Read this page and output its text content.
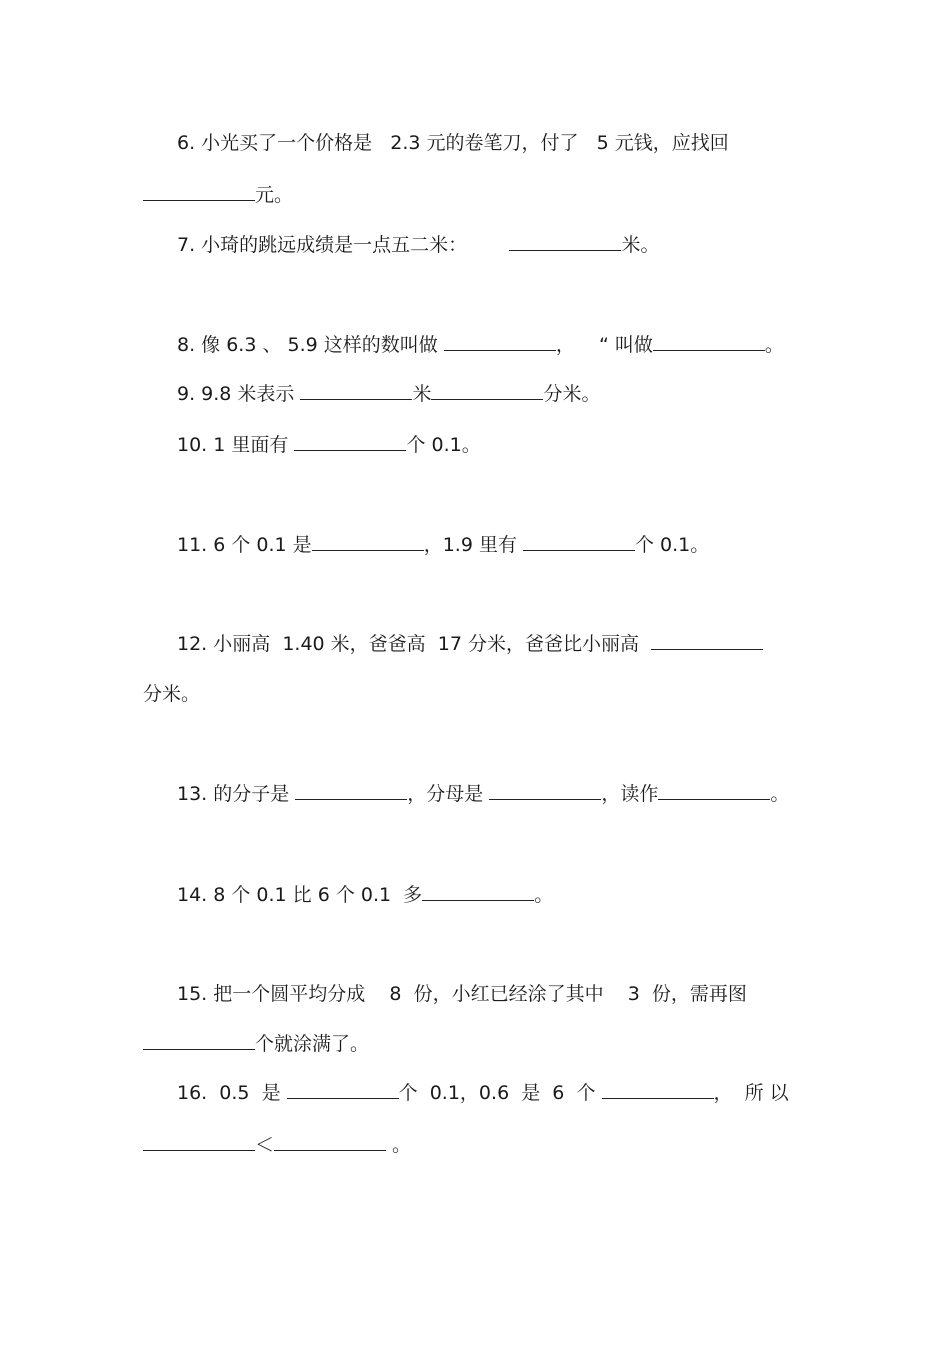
6. 小光买了一个价格是   2.3 元的卷笔刀，付了   5 元钱，应找回
元。
7. 小琦的跳远成绩是一点五二米：	米。
8. 像 6.3 、 5.9 这样的数叫做	，    “ 叫做	。
9. 9.8 米表示	米	分米。
10. 1 里面有	个 0.1。
11. 6 个 0.1 是	，1.9 里有	个 0.1。
12. 小丽高  1.40 米，爸爸高  17 分米，爸爸比小丽高
分米。
13. 的分子是	，分母是	，读作	。
14. 8 个 0.1 比 6 个 0.1  多	。
15. 把一个圆平均分成    8  份，小红已经涂了其中    3  份，需再图
个就涂满了。
16.  0.5  是	个  0.1，0.6  是  6  个	，  所 以
＜	。
